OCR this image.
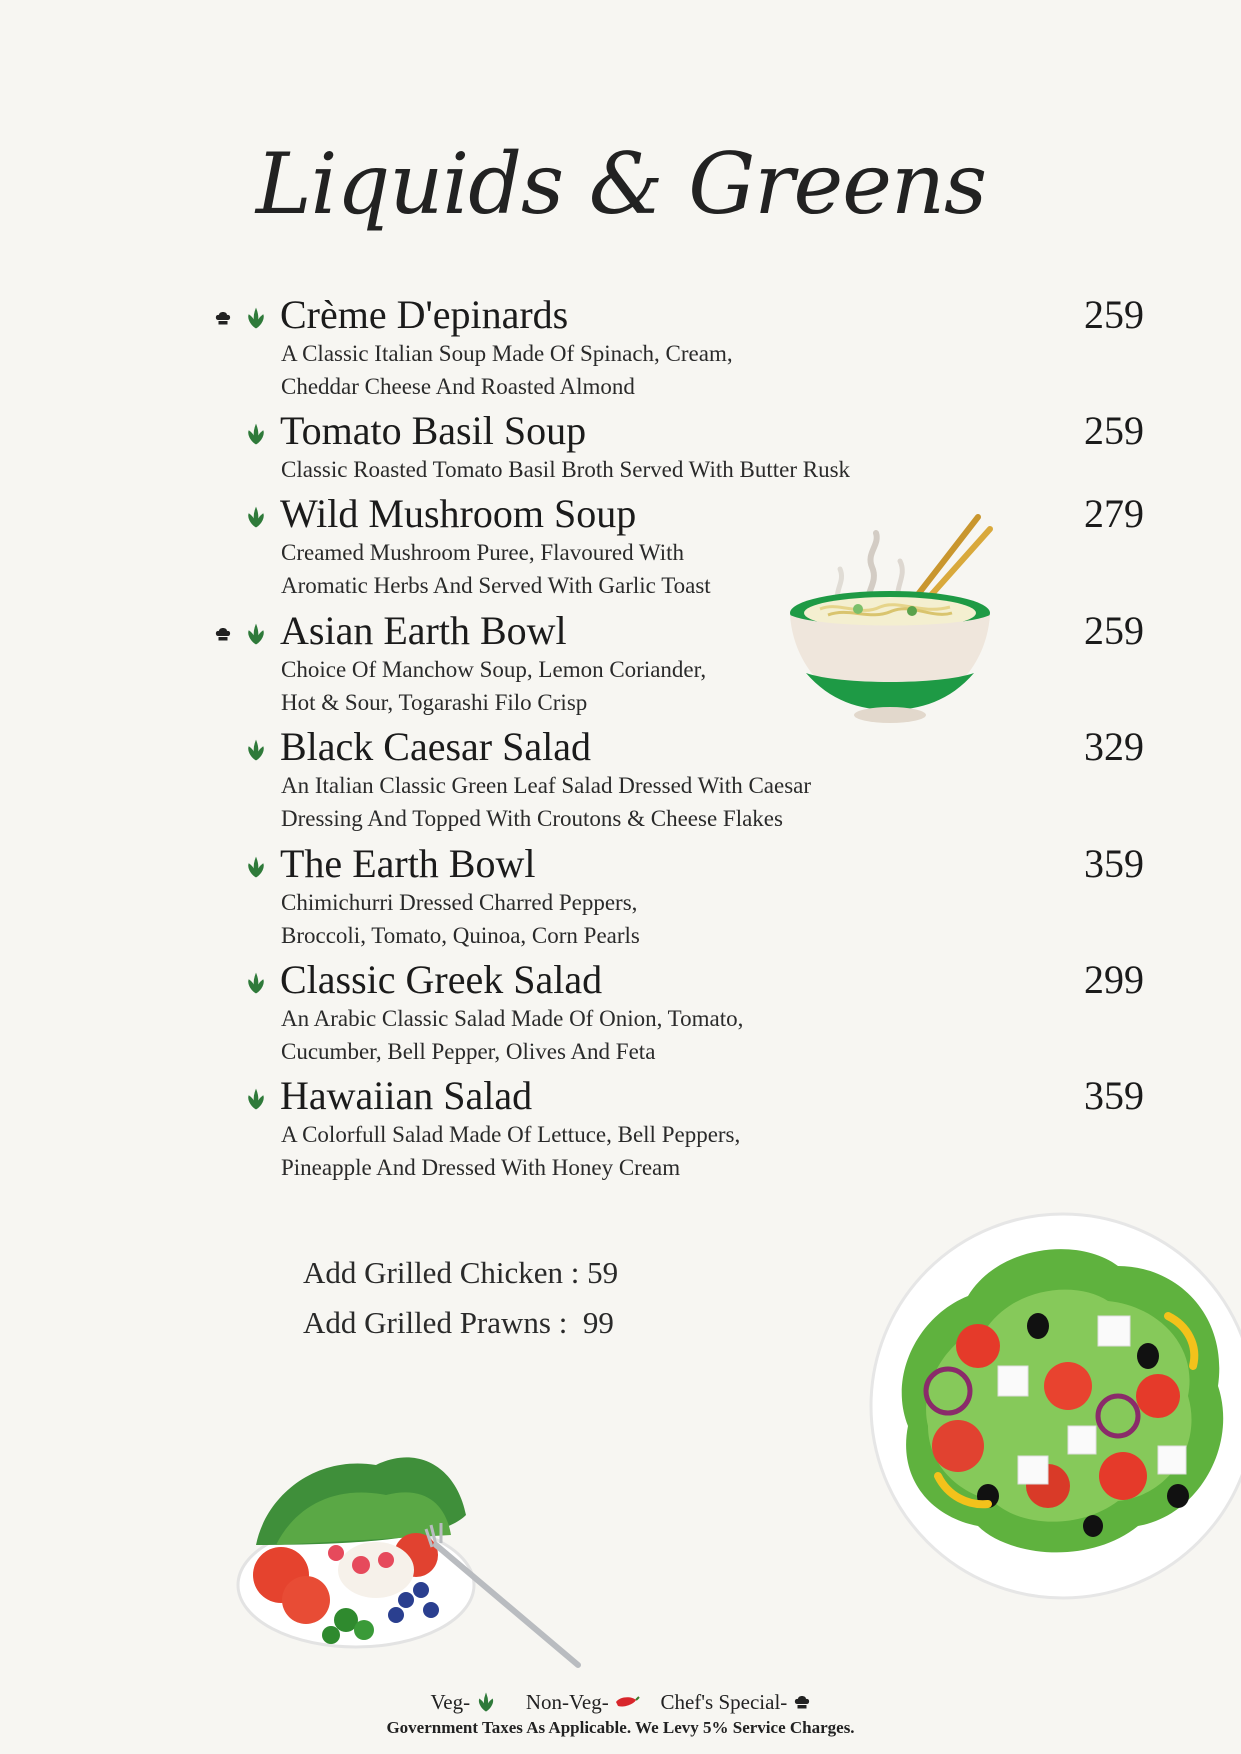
Liquids & Greens
Crème D'epinards	259
A Classic Italian Soup Made Of Spinach, Cream,
Cheddar Cheese And Roasted Almond
Tomato Basil Soup	259
Classic Roasted Tomato Basil Broth Served With Butter Rusk
Wild Mushroom Soup	279
Creamed Mushroom Puree, Flavoured With
Aromatic Herbs And Served With Garlic Toast
Asian Earth Bowl	259
Choice Of Manchow Soup, Lemon Coriander,
Hot & Sour, Togarashi Filo Crisp
Black Caesar Salad	329
An Italian Classic Green Leaf Salad Dressed With Caesar
Dressing And Topped With Croutons & Cheese Flakes
The Earth Bowl	359
Chimichurri Dressed Charred Peppers,
Broccoli, Tomato, Quinoa, Corn Pearls
Classic Greek Salad	299
An Arabic Classic Salad Made Of Onion, Tomato,
Cucumber, Bell Pepper, Olives And Feta
Hawaiian Salad	359
A Colorfull Salad Made Of Lettuce, Bell Peppers,
Pineapple And Dressed With Honey Cream
Add Grilled Chicken : 59
Add Grilled Prawns :  99
Veg-	Non-Veg- Chef's Special-
Government Taxes As Applicable. We Levy 5% Service Charges.
